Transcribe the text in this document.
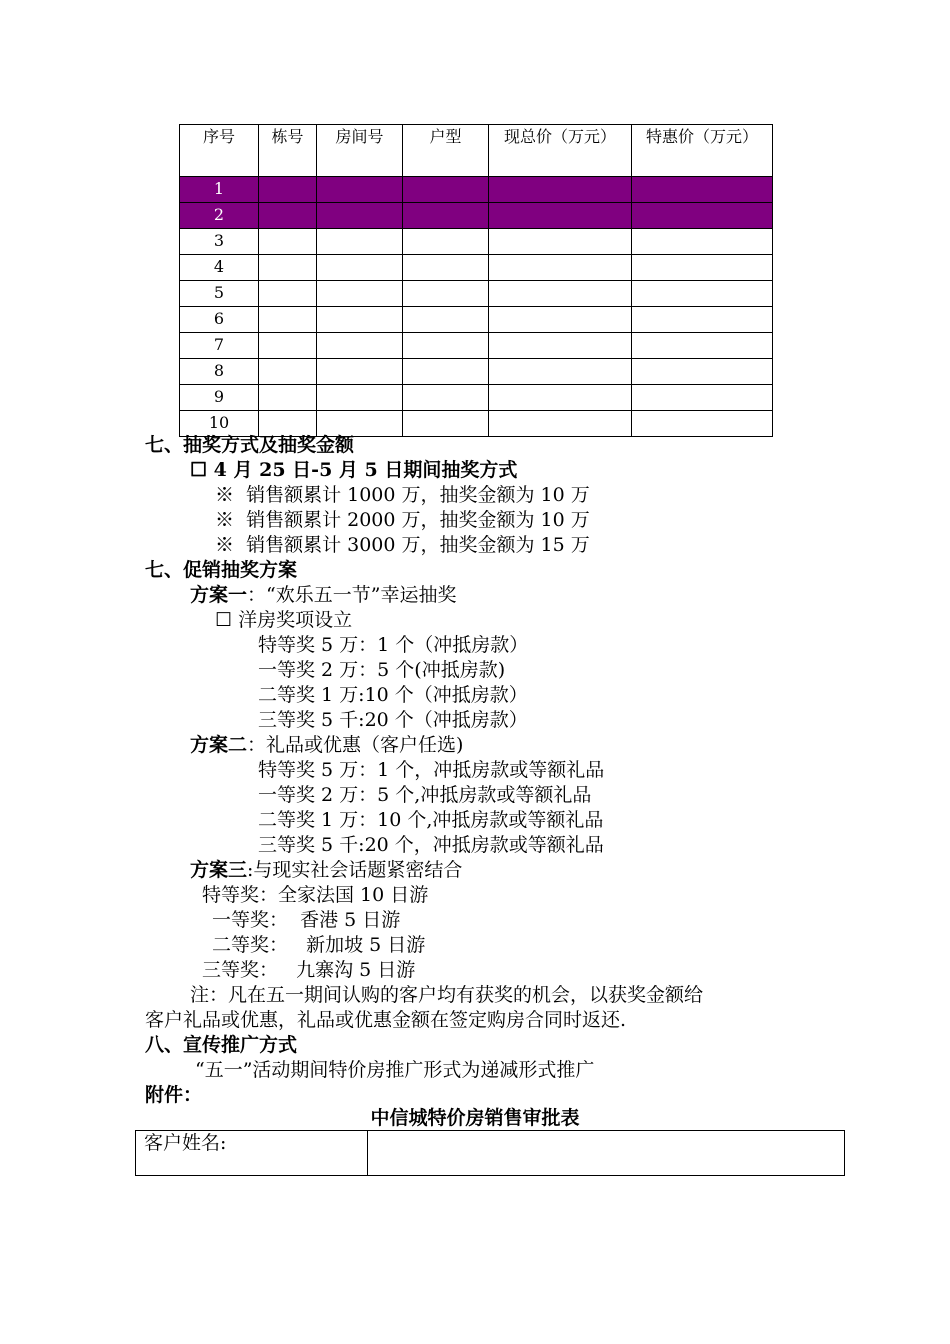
序号	栋号	房间号	户型	现总价（万元）	特惠价（万元）
1					
2					
3					
4					
5					
6					
7					
8					
9					
10					
七、抽奖方式及抽奖金额
☐ 4 月 25 日-5 月 5 日期间抽奖方式
※  销售额累计 1000 万，抽奖金额为 10 万
※  销售额累计 2000 万，抽奖金额为 10 万
※  销售额累计 3000 万，抽奖金额为 15 万
七、促销抽奖方案
方案一：“欢乐五一节”幸运抽奖
☐ 洋房奖项设立
特等奖 5 万：1 个（冲抵房款）
一等奖 2 万：5 个(冲抵房款)
二等奖 1 万:10 个（冲抵房款）
三等奖 5 千:20 个（冲抵房款）
方案二：礼品或优惠（客户任选)
特等奖 5 万：1 个，冲抵房款或等额礼品
一等奖 2 万：5 个,冲抵房款或等额礼品
二等奖 1 万：10 个,冲抵房款或等额礼品
三等奖 5 千:20 个，冲抵房款或等额礼品
方案三:与现实社会话题紧密结合
特等奖：全家法国 10 日游
一等奖：  香港 5 日游
二等奖：   新加坡 5 日游
三等奖：   九寨沟 5 日游
注：凡在五一期间认购的客户均有获奖的机会，以获奖金额给
客户礼品或优惠，礼品或优惠金额在签定购房合同时返还.
八、宣传推广方式
“五一”活动期间特价房推广形式为递减形式推广
附件：
中信城特价房销售审批表
客户姓名:	
